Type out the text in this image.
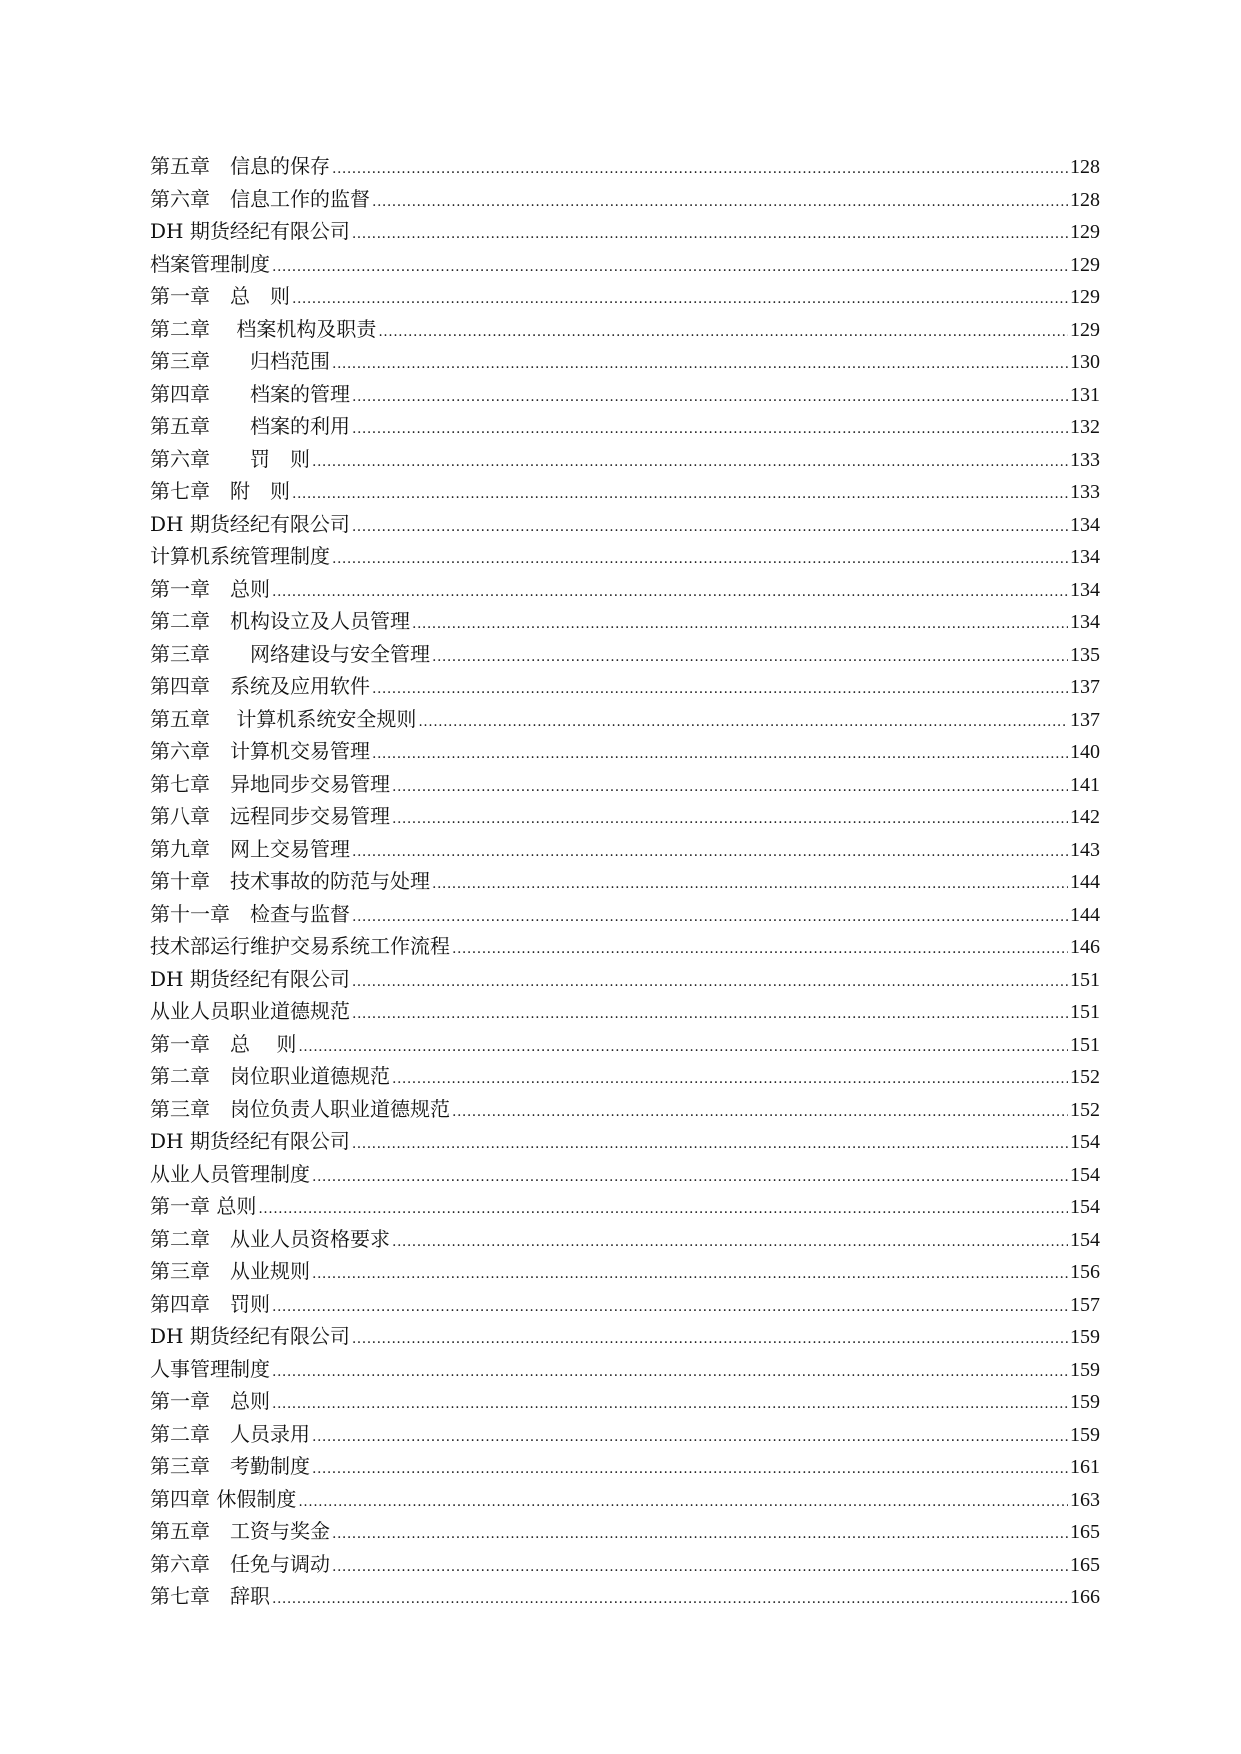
第五章　信息的保存 .....	128
第六章　信息工作的监督 .....	128
DH 期货经纪有限公司 .....	129
档案管理制度 .....	129
第一章　总　则 .....	129
第二章　 档案机构及职责 .....	129
第三章　　归档范围 .....	130
第四章　　档案的管理 .....	131
第五章　　档案的利用 .....	132
第六章　　罚　则 .....	133
第七章　附　则 .....	133
DH 期货经纪有限公司 .....	134
计算机系统管理制度 .....	134
第一章　总则 .....	134
第二章　机构设立及人员管理 .....	134
第三章　　网络建设与安全管理 .....	135
第四章　系统及应用软件 .....	137
第五章　 计算机系统安全规则 .....	137
第六章　计算机交易管理 .....	140
第七章　异地同步交易管理 .....	141
第八章　远程同步交易管理 .....	142
第九章　网上交易管理 .....	143
第十章　技术事故的防范与处理 .....	144
第十一章　检查与监督 .....	144
技术部运行维护交易系统工作流程 .....	146
DH 期货经纪有限公司 .....	151
从业人员职业道德规范 .....	151
第一章　总　 则 .....	151
第二章　岗位职业道德规范 .....	152
第三章　岗位负责人职业道德规范 .....	152
DH 期货经纪有限公司 .....	154
从业人员管理制度 .....	154
第一章 总则 .....	154
第二章　从业人员资格要求 .....	154
第三章　从业规则 .....	156
第四章　罚则 .....	157
DH 期货经纪有限公司 .....	159
人事管理制度 .....	159
第一章　总则 .....	159
第二章　人员录用 .....	159
第三章　考勤制度 .....	161
第四章 休假制度 .....	163
第五章　工资与奖金 .....	165
第六章　任免与调动 .....	165
第七章　辞职 .....	166
